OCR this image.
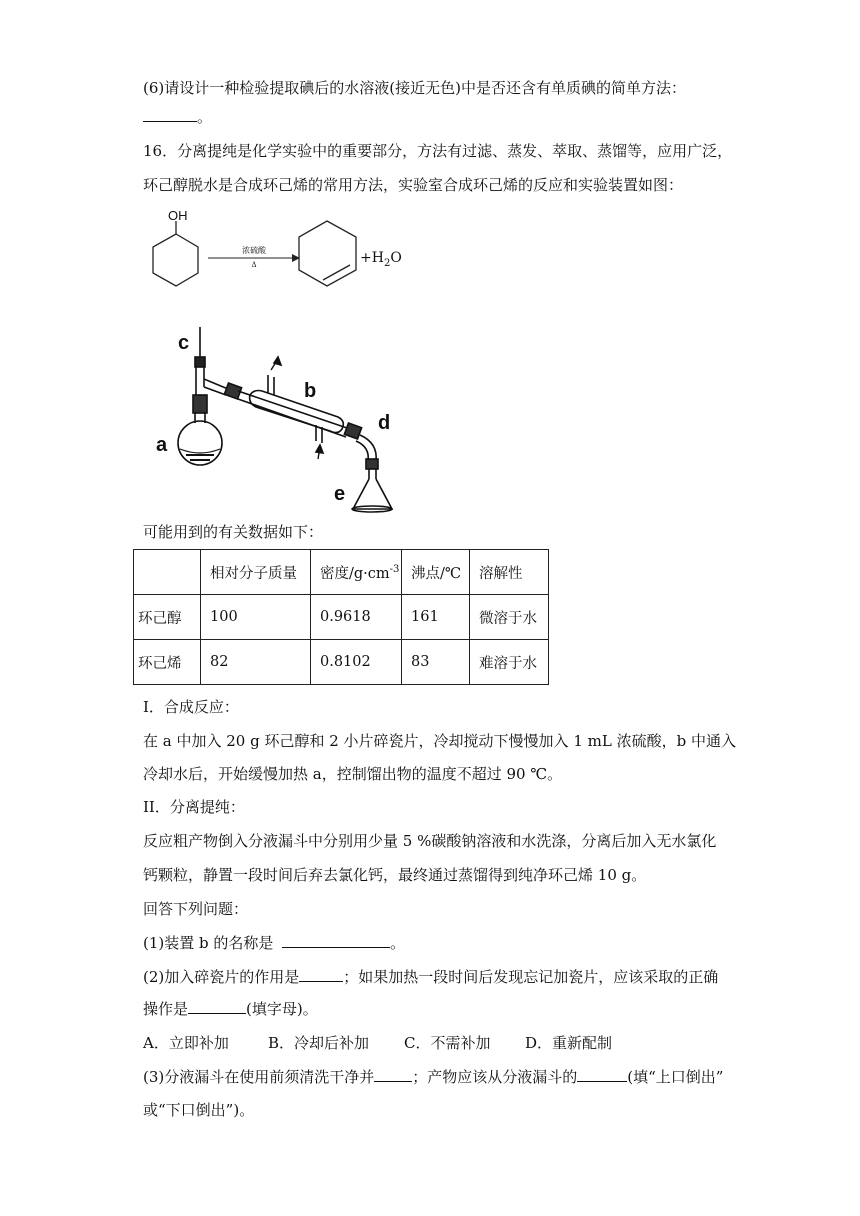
(6)请设计一种检验提取碘后的水溶液(接近无色)中是否还含有单质碘的简单方法：
。
16．分离提纯是化学实验中的重要部分，方法有过滤、蒸发、萃取、蒸馏等，应用广泛，
环己醇脱水是合成环己烯的常用方法，实验室合成环己烯的反应和实验装置如图：
OH
浓硫酸
Δ	$+H_2O$
c
b
d
a
e
可能用到的有关数据如下：
	相对分子质量	密度$/g\cdot cm^{-3}$	沸点/℃	溶解性
环己醇	100	0.9618	161	微溶于水
环己烯	82	0.8102	83	难溶于水
I．合成反应：
在 a 中加入 20 g 环己醇和 2 小片碎瓷片，冷却搅动下慢慢加入 1 mL 浓硫酸，b 中通入
冷却水后，开始缓慢加热 a，控制馏出物的温度不超过 90 ℃。
II．分离提纯：
反应粗产物倒入分液漏斗中分别用少量 5 %碳酸钠溶液和水洗涤，分离后加入无水氯化
钙颗粒，静置一段时间后弃去氯化钙，最终通过蒸馏得到纯净环己烯 10 g。
回答下列问题：
(1)装置 b 的名称是	。
(2)加入碎瓷片的作用是	；如果加热一段时间后发现忘记加瓷片，应该采取的正确
操作是	(填字母)。
A．立即补加	B．冷却后补加 C．不需补加 D．重新配制
(3)分液漏斗在使用前须清洗干净并	；产物应该从分液漏斗的	(填“上口倒出”
或“下口倒出”)。
